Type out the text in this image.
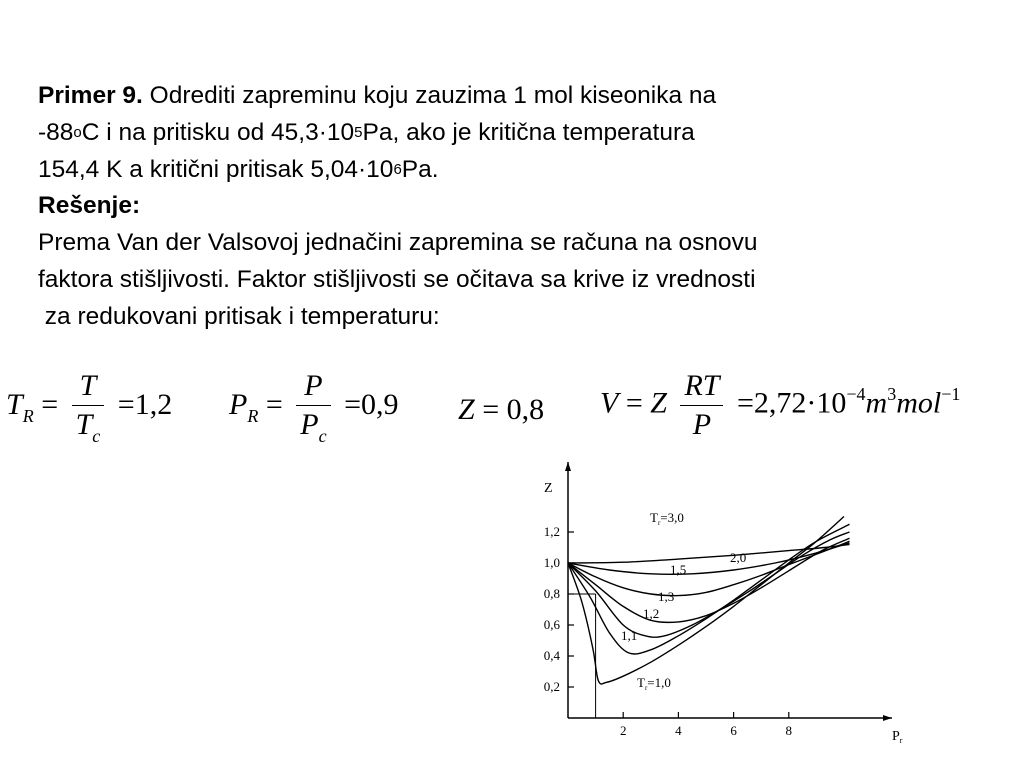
Primer 9. Odrediti zapreminu koju zauzima 1 mol kiseonika na

-88$^o$C i na pritisku od $45,3\cdot 10^5Pa$, ako je kritična temperatura

154,4 K a kritični pritisak $5,04\cdot 10^6Pa$.

Rešenje:

Prema Van der Valsovoj jednačini zapremina se računa na osnovu

faktora stišljivosti. Faktor stišljivosti se očitava sa krive iz vrednosti

za redukovani pritisak i temperaturu:

$T_R = \frac{T}{T_c} =1,2$ $P_R = \frac{P}{P_c} =0,9$ Z = 0,8 V = Z $\frac{RT}{P} =2,72\cdot 10^{-4}m^3mol^{-1}$
2	4	6	8
0,2
0,4
0,6
0,8
1,0
1,2
Z
$P_r$
$T_r=3,0$
2,0
1,5
1,3
1,2
1,1
$T_r=1,0$
